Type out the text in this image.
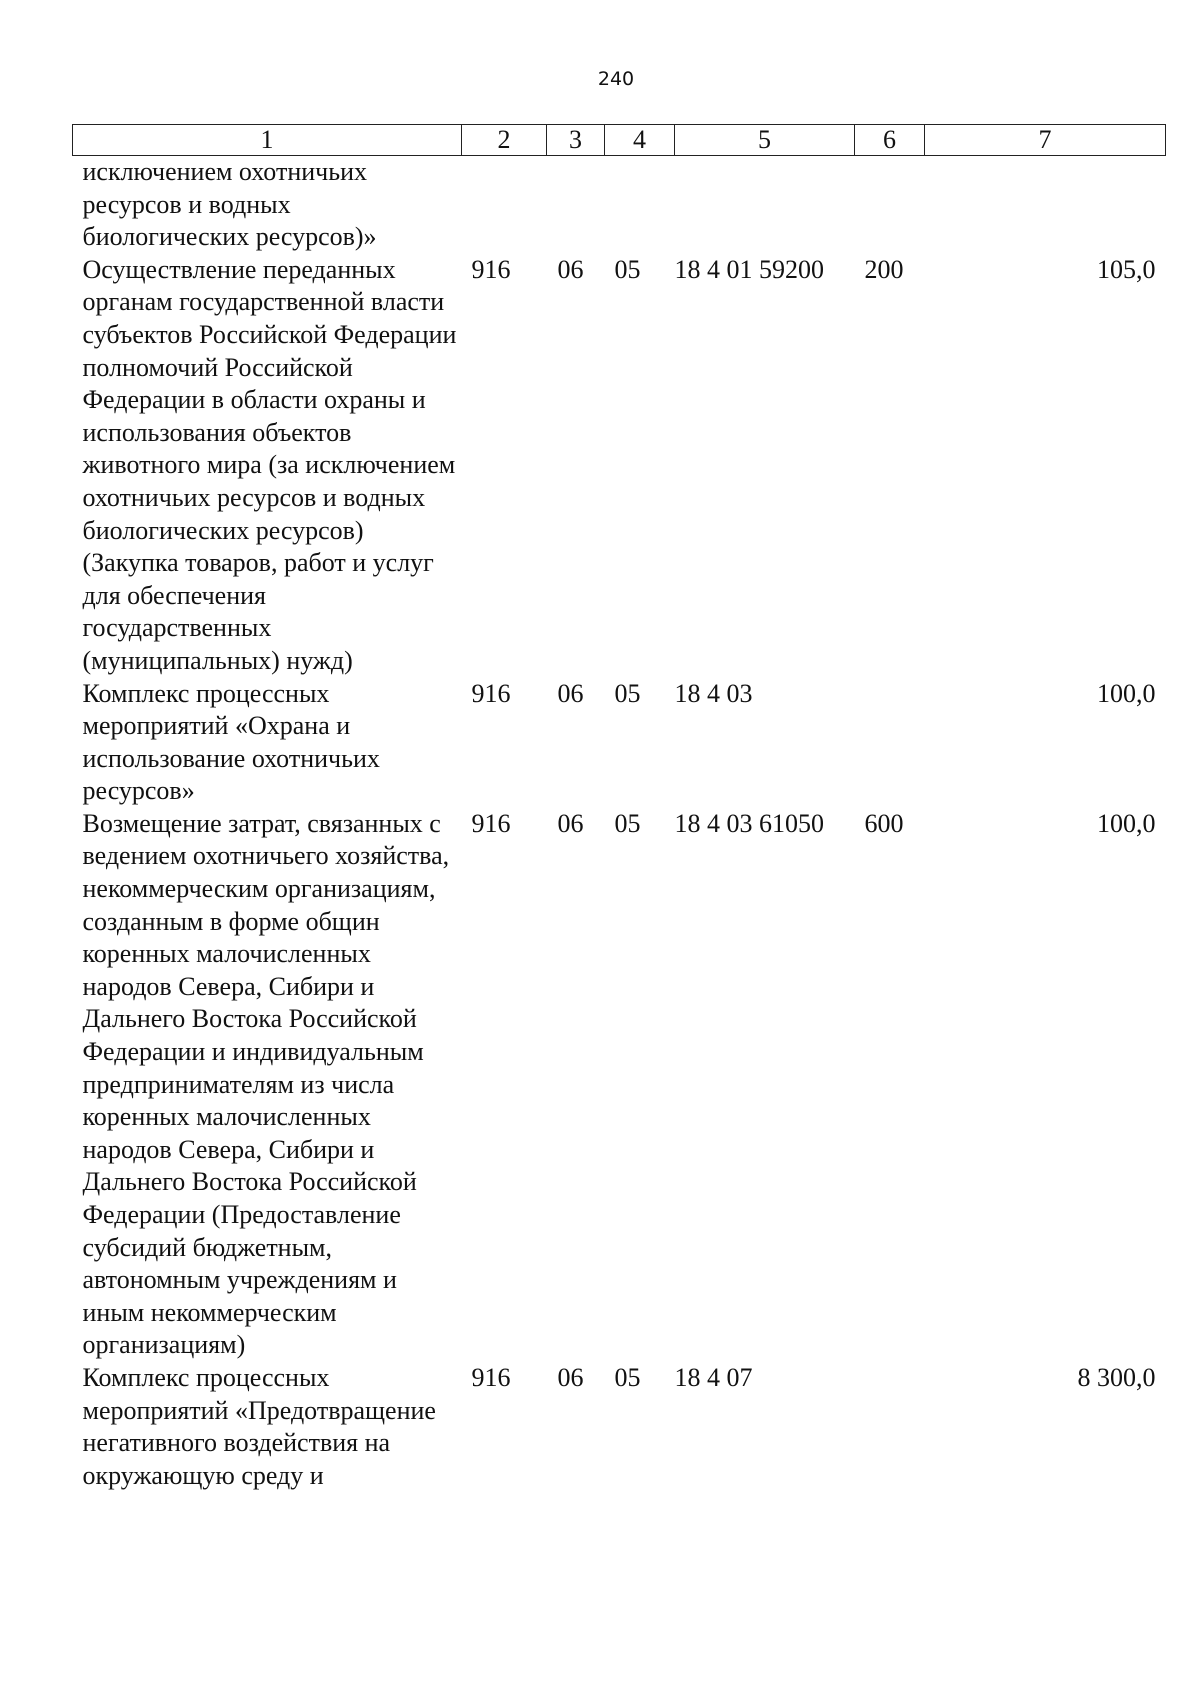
240
1	2	3	4	5	6	7
исключением охотничьих ресурсов и водных биологических ресурсов)»						
Осуществление переданных органам государственной власти субъектов Российской Федерации полномочий Российской Федерации в области охраны и использования объектов животного мира (за исключением охотничьих ресурсов и водных биологических ресурсов) (Закупка товаров, работ и услуг для обеспечения государственных (муниципальных) нужд)	916	06	05	18 4 01 59200	200	105,0
Комплекс процессных мероприятий «Охрана и использование охотничьих ресурсов»	916	06	05	18 4 03		100,0
Возмещение затрат, связанных с ведением охотничьего хозяйства, некоммерческим организациям, созданным в форме общин коренных малочисленных народов Севера, Сибири и Дальнего Востока Российской Федерации и индивидуальным предпринимателям из числа коренных малочисленных народов Севера, Сибири и Дальнего Востока Российской Федерации (Предоставление субсидий бюджетным, автономным учреждениям и иным некоммерческим организациям)	916	06	05	18 4 03 61050	600	100,0
Комплекс процессных мероприятий «Предотвращение негативного воздействия на окружающую среду и	916	06	05	18 4 07		8 300,0
